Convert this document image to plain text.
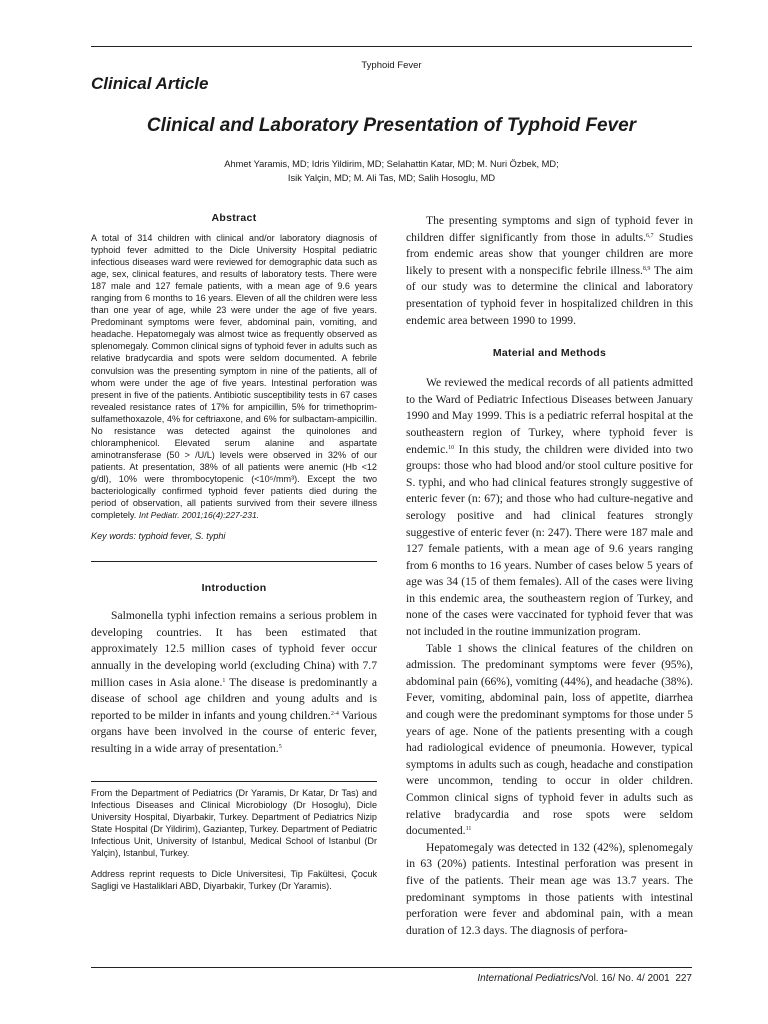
Typhoid Fever
Clinical Article
Clinical and Laboratory Presentation of Typhoid Fever
Ahmet Yaramis, MD; Idris Yildirim, MD; Selahattin Katar, MD; M. Nuri Özbek, MD;
Isik Yalçin, MD; M. Ali Tas, MD; Salih Hosoglu, MD

Abstract

A total of 314 children with clinical and/or laboratory diagnosis of typhoid fever admitted to the Dicle University Hospital pediatric infectious diseases ward were reviewed for demographic data such as age, sex, clinical features, and results of laboratory tests. There were 187 male and 127 female patients, with a mean age of 9.6 years ranging from 6 months to 16 years. Eleven of all the children were less than one year of age, while 23 were under the age of five years. Predominant symptoms were fever, abdominal pain, vomiting, and headache. Hepatomegaly was almost twice as frequently observed as splenomegaly. Common clinical signs of typhoid fever in adults such as relative bradycardia and spots were seldom documented. A febrile convulsion was the presenting symptom in nine of the patients, all of whom were under the age of five years. Intestinal perforation was present in five of the patients. Antibiotic susceptibility tests in 67 cases revealed resistance rates of 17% for ampicillin, 5% for trimethoprim-sulfamethoxazole, 4% for ceftriaxone, and 6% for sulbactam-ampicillin. No resistance was detected against the quinolones and chloramphenicol. Elevated serum alanine and aspartate aminotransferase (50 > /U/L) levels were observed in 32% of our patients. At presentation, 38% of all patients were anemic (Hb <12 g/dl), 10% were thrombocytopenic (<10⁵/mm³). Except the two bacteriologically confirmed typhoid fever patients died during the period of observation, all patients survived from their severe illness completely. Int Pediatr. 2001;16(4):227-231.

Key words: typhoid fever, S. typhi

Introduction

Salmonella typhi infection remains a serious problem in developing countries. It has been estimated that approximately 12.5 million cases of typhoid fever occur annually in the developing world (excluding China) with 7.7 million cases in Asia alone.$^1$ The disease is predominantly a disease of school age children and young adults and is reported to be milder in infants and young children.$^{2-4}$ Various organs have been involved in the course of enteric fever, resulting in a wide array of presentation.$^5$

From the Department of Pediatrics (Dr Yaramis, Dr Katar, Dr Tas) and Infectious Diseases and Clinical Microbiology (Dr Hosoglu), Dicle University Hospital, Diyarbakir, Turkey. Department of Pediatrics Nizip State Hospital (Dr Yildirim), Gaziantep, Turkey. Department of Pediatric Infectious Unit, University of Istanbul, Medical School of Istanbul (Dr Yalçin), Istanbul, Turkey.

Address reprint requests to Dicle Universitesi, Tip Fakültesi, Çocuk Sagligi ve Hastaliklari ABD, Diyarbakir, Turkey (Dr Yaramis).

The presenting symptoms and sign of typhoid fever in children differ significantly from those in adults.$^{6,7}$ Studies from endemic areas show that younger children are more likely to present with a nonspecific febrile illness.$^{8,9}$ The aim of our study was to determine the clinical and laboratory presentation of typhoid fever in hospitalized children in this endemic area between 1990 to 1999.

Material and Methods

We reviewed the medical records of all patients admitted to the Ward of Pediatric Infectious Diseases between January 1990 and May 1999. This is a pediatric referral hospital at the southeastern region of Turkey, where typhoid fever is endemic.$^{10}$ In this study, the children were divided into two groups: those who had blood and/or stool culture positive for S. typhi, and who had clinical features strongly suggestive of enteric fever (n: 67); and those who had culture-negative and serology positive and had clinical features strongly suggestive of enteric fever (n: 247). There were 187 male and 127 female patients, with a mean age of 9.6 years ranging from 6 months to 16 years. Number of cases below 5 years of age was 34 (15 of them females). All of the cases were living in this endemic area, the southeastern region of Turkey, and none of the cases were vaccinated for typhoid fever that was not included in the routine immunization program.

Table 1 shows the clinical features of the children on admission. The predominant symptoms were fever (95%), abdominal pain (66%), vomiting (44%), and headache (38%). Fever, vomiting, abdominal pain, loss of appetite, diarrhea and cough were the predominant symptoms for those under 5 years of age. None of the patients presenting with a cough had radiological evidence of pneumonia. However, typical symptoms in adults such as cough, headache and constipation were uncommon, tending to occur in older children. Common clinical signs of typhoid fever in adults such as relative bradycardia and rose spots were seldom documented.$^{11}$

Hepatomegaly was detected in 132 (42%), splenomegaly in 63 (20%) patients. Intestinal perforation was present in five of the patients. Their mean age was 13.7 years. The predominant symptoms in those patients with intestinal perforation were fever and abdominal pain, with a mean duration of 12.3 days. The diagnosis of perfora-

International Pediatrics/Vol. 16/ No. 4/ 2001 227
